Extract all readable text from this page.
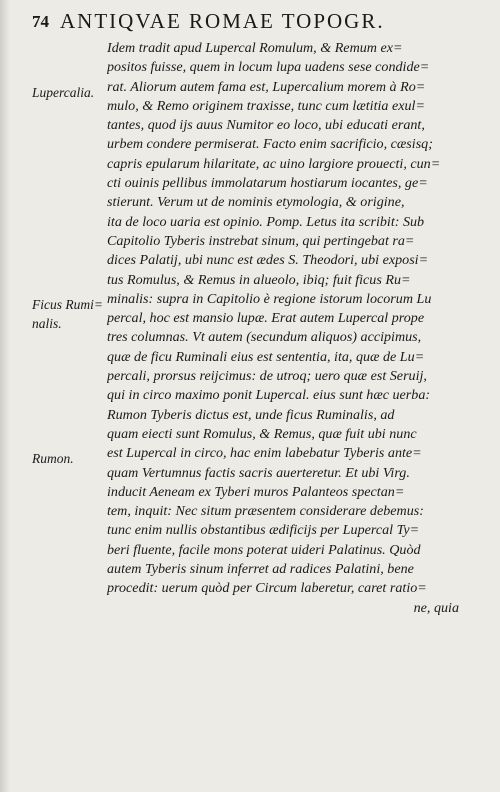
74 ANTIQVAE ROMAE TOPOGR.
Lupercalia.
Ficus Rumi=
nalis.
Rumon.
Idem tradit apud Lupercal Romulum, & Remum ex=
positos fuisse, quem in locum lupa uadens sese condide=
rat. Aliorum autem fama est, Lupercalium morem à Ro=
mulo, & Remo originem traxisse, tunc cum lætitia exul=
tantes, quod ijs auus Numitor eo loco, ubi educati erant,
urbem condere permiserat. Facto enim sacrificio, cæsisq;
capris epularum hilaritate, ac uino largiore prouecti, cun=
cti ouinis pellibus immolatarum hostiarum iocantes, ge=
stierunt. Verum ut de nominis etymologia, & origine,
ita de loco uaria est opinio. Pomp. Letus ita scribit: Sub
Capitolio Tyberis instrebat sinum, qui pertingebat ra=
dices Palatij, ubi nunc est ædes S. Theodori, ubi exposi=
tus Romulus, & Remus in alueolo, ibiq; fuit ficus Ru=
minalis: supra in Capitolio è regione istorum locorum Lu
percal, hoc est mansio lupæ. Erat autem Lupercal prope
tres columnas. Vt autem (secundum aliquos) accipimus,
quæ de ficu Ruminali eius est sententia, ita, quæ de Lu=
percali, prorsus reijcimus: de utroq; uero quæ est Seruij,
qui in circo maximo ponit Lupercal. eius sunt hæc uerba:
Rumon Tyberis dictus est, unde ficus Ruminalis, ad
quam eiecti sunt Romulus, & Remus, quæ fuit ubi nunc
est Lupercal in circo, hac enim labebatur Tyberis ante=
quam Vertumnus factis sacris auerteretur. Et ubi Virg.
inducit Aeneam ex Tyberi muros Palanteos spectan=
tem, inquit: Nec situm præsentem considerare debemus:
tunc enim nullis obstantibus ædificijs per Lupercal Ty=
beri fluente, facile mons poterat uideri Palatinus. Quòd
autem Tyberis sinum inferret ad radices Palatini, bene
procedit: uerum quòd per Circum laberetur, caret ratio=
ne, quia
